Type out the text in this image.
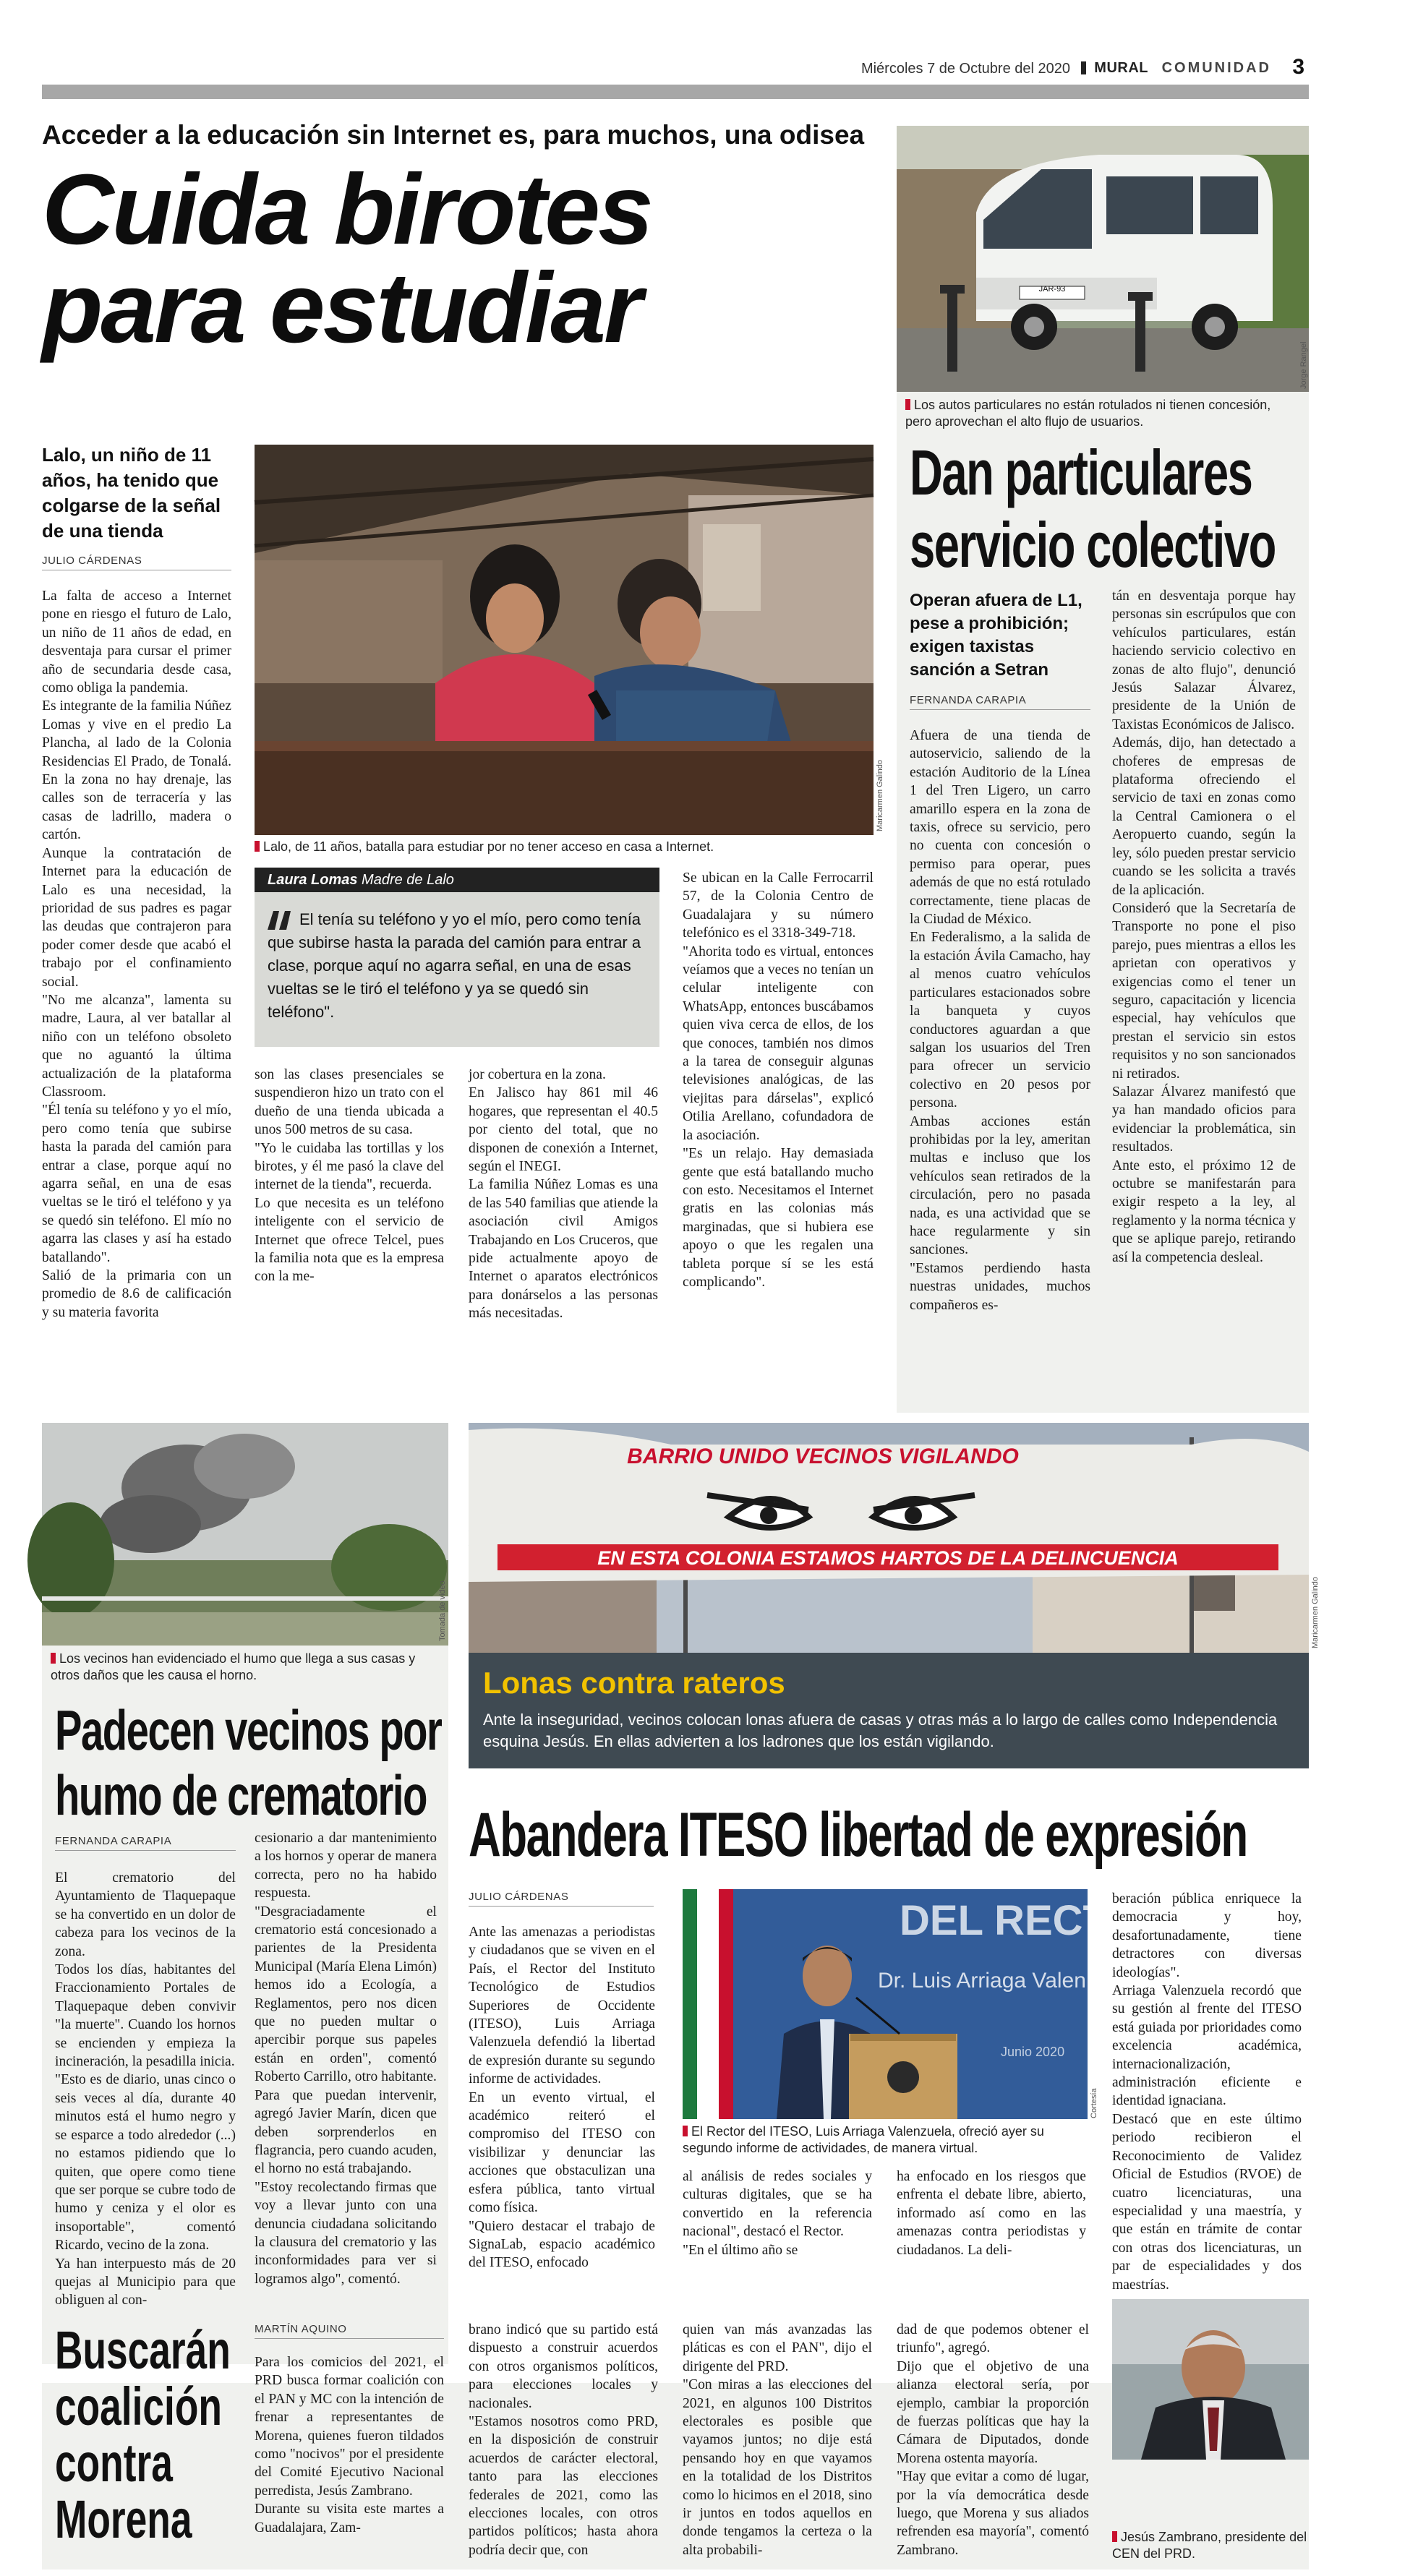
Miércoles 7 de Octubre del 2020 MURAL COMUNIDAD 3
Acceder a la educación sin Internet es, para muchos, una odisea
Cuida birotes
para estudiar
Lalo, un niño de 11 años, ha tenido que colgarse de la señal de una tienda
JULIO CÁRDENAS
Maricarmen Galindo
Lalo, de 11 años, batalla para estudiar por no tener acceso en casa a Internet.
Laura Lomas Madre de Lalo
El tenía su teléfono y yo el mío, pero como tenía que subirse hasta la parada del camión para entrar a clase, porque aquí no agarra señal, en una de esas vueltas se le tiró el teléfono y ya se quedó sin teléfono".
La falta de acceso a Internet pone en riesgo el futuro de Lalo, un niño de 11 años de edad, en desventaja para cursar el primer año de secundaria desde casa, como obliga la pandemia.
Es integrante de la familia Núñez Lomas y vive en el predio La Plancha, al lado de la Colonia Residencias El Prado, de Tonalá. En la zona no hay drenaje, las calles son de terracería y las casas de ladrillo, madera o cartón.
Aunque la contratación de Internet para la educación de Lalo es una necesidad, la prioridad de sus padres es pagar las deudas que contrajeron para poder comer desde que acabó el trabajo por el confinamiento social.
"No me alcanza", lamenta su madre, Laura, al ver batallar al niño con un teléfono obsoleto que no aguantó la última actualización de la plataforma Classroom.
"Él tenía su teléfono y yo el mío, pero como tenía que subirse hasta la parada del camión para entrar a clase, porque aquí no agarra señal, en una de esas vueltas se le tiró el teléfono y ya se quedó sin teléfono. El mío no agarra las clases y así ha estado batallando".
Salió de la primaria con un promedio de 8.6 de calificación y su materia favorita
son las clases presenciales se suspendieron hizo un trato con el dueño de una tienda ubicada a unos 500 metros de su casa.
"Yo le cuidaba las tortillas y los birotes, y él me pasó la clave del internet de la tienda", recuerda.
Lo que necesita es un teléfono inteligente con el servicio de Internet que ofrece Telcel, pues la familia nota que es la empresa con la me-
jor cobertura en la zona.
En Jalisco hay 861 mil 46 hogares, que representan el 40.5 por ciento del total, que no disponen de conexión a Internet, según el INEGI.
La familia Núñez Lomas es una de las 540 familias que atiende la asociación civil Amigos Trabajando en Los Cruceros, que pide actualmente apoyo de Internet o aparatos electrónicos para donárselos a las personas más necesitadas.
Se ubican en la Calle Ferrocarril 57, de la Colonia Centro de Guadalajara y su número telefónico es el 3318-349-718.
"Ahorita todo es virtual, entonces veíamos que a veces no tenían un celular inteligente con WhatsApp, entonces buscábamos quien viva cerca de ellos, de los que conoces, también nos dimos a la tarea de conseguir algunas televisiones analógicas, de las viejitas para dárselas", explicó Otilia Arellano, cofundadora de la asociación.
"Es un relajo. Hay demasiada gente que está batallando mucho con esto. Necesitamos el Internet gratis en las colonias más marginadas, que si hubiera ese apoyo o que les regalen una tableta porque sí se les está complicando".
JAR-93
Jorge Rangel
Los autos particulares no están rotulados ni tienen concesión, pero aprovechan el alto flujo de usuarios.
Dan particulares
servicio colectivo
Operan afuera de L1, pese a prohibición; exigen taxistas sanción a Setran
FERNANDA CARAPIA
Afuera de una tienda de autoservicio, saliendo de la estación Auditorio de la Línea 1 del Tren Ligero, un carro amarillo espera en la zona de taxis, ofrece su servicio, pero no cuenta con concesión o permiso para operar, pues además de que no está rotulado correctamente, tiene placas de la Ciudad de México.
En Federalismo, a la salida de la estación Ávila Camacho, hay al menos cuatro vehículos particulares estacionados sobre la banqueta y cuyos conductores aguardan a que salgan los usuarios del Tren para ofrecer un servicio colectivo en 20 pesos por persona.
Ambas acciones están prohibidas por la ley, ameritan multas e incluso que los vehículos sean retirados de la circulación, pero no pasada nada, es una actividad que se hace regularmente y sin sanciones.
"Estamos perdiendo hasta nuestras unidades, muchos compañeros es-
tán en desventaja porque hay personas sin escrúpulos que con vehículos particulares, están haciendo servicio colectivo en zonas de alto flujo", denunció Jesús Salazar Álvarez, presidente de la Unión de Taxistas Económicos de Jalisco.
Además, dijo, han detectado a choferes de empresas de plataforma ofreciendo el servicio de taxi en zonas como la Central Camionera o el Aeropuerto cuando, según la ley, sólo pueden prestar servicio cuando se les solicita a través de la aplicación.
Consideró que la Secretaría de Transporte no pone el piso parejo, pues mientras a ellos les aprietan con operativos y exigencias como el tener un seguro, capacitación y licencia especial, hay vehículos que prestan el servicio sin estos requisitos y no son sancionados ni retirados.
Salazar Álvarez manifestó que ya han mandado oficios para evidenciar la problemática, sin resultados.
Ante esto, el próximo 12 de octubre se manifestarán para exigir respeto a la ley, al reglamento y la norma técnica y que se aplique parejo, retirando así la competencia desleal.
Tomada de video
Los vecinos han evidenciado el humo que llega a sus casas y otros daños que les causa el horno.
Padecen vecinos por
humo de crematorio
FERNANDA CARAPIA
El crematorio del Ayuntamiento de Tlaquepaque se ha convertido en un dolor de cabeza para los vecinos de la zona.
Todos los días, habitantes del Fraccionamiento Portales de Tlaquepaque deben convivir "la muerte". Cuando los hornos se encienden y empieza la incineración, la pesadilla inicia.
"Esto es de diario, unas cinco o seis veces al día, durante 40 minutos está el humo negro y se esparce a todo alrededor (...) no estamos pidiendo que lo quiten, que opere como tiene que ser porque se cubre todo de humo y ceniza y el olor es insoportable", comentó Ricardo, vecino de la zona.
Ya han interpuesto más de 20 quejas al Municipio para que obliguen al con-
cesionario a dar mantenimiento a los hornos y operar de manera correcta, pero no ha habido respuesta.
"Desgraciadamente el crematorio está concesionado a parientes de la Presidenta Municipal (María Elena Limón) hemos ido a Ecología, a Reglamentos, pero nos dicen que no pueden multar o apercibir porque sus papeles están en orden", comentó Roberto Carrillo, otro habitante.
Para que puedan intervenir, agregó Javier Marín, dicen que deben sorprenderlos en flagrancia, pero cuando acuden, el horno no está trabajando.
"Estoy recolectando firmas que voy a llevar junto con una denuncia ciudadana solicitando la clausura del crematorio y las inconformidades para ver si logramos algo", comentó.
BARRIO UNIDO VECINOS VIGILANDO
EN ESTA COLONIA ESTAMOS HARTOS DE LA DELINCUENCIA
Maricarmen Galindo
Lonas contra rateros
Ante la inseguridad, vecinos colocan lonas afuera de casas y otras más a lo largo de calles como Independencia esquina Jesús. En ellas advierten a los ladrones que los están vigilando.
Abandera ITESO libertad de expresión
JULIO CÁRDENAS
DEL RECT
Dr. Luis Arriaga Valen
Junio 2020
Cortesía
El Rector del ITESO, Luis Arriaga Valenzuela, ofreció ayer su segundo informe de actividades, de manera virtual.
Ante las amenazas a periodistas y ciudadanos que se viven en el País, el Rector del Instituto Tecnológico de Estudios Superiores de Occidente (ITESO), Luis Arriaga Valenzuela defendió la libertad de expresión durante su segundo informe de actividades.
En un evento virtual, el académico reiteró el compromiso del ITESO con visibilizar y denunciar las acciones que obstaculizan una esfera pública, tanto virtual como física.
"Quiero destacar el trabajo de SignaLab, espacio académico del ITESO, enfocado
al análisis de redes sociales y culturas digitales, que se ha convertido en la referencia nacional", destacó el Rector.
"En el último año se
ha enfocado en los riesgos que enfrenta el debate libre, abierto, informado así como en las amenazas contra periodistas y ciudadanos. La deli-
beración pública enriquece la democracia y hoy, desafortunadamente, tiene detractores con diversas ideologías".
Arriaga Valenzuela recordó que su gestión al frente del ITESO está guiada por prioridades como excelencia académica, internacionalización, administración eficiente e identidad ignaciana.
Destacó que en este último periodo recibieron el Reconocimiento de Validez Oficial de Estudios (RVOE) de cuatro licenciaturas, una especialidad y una maestría, y que están en trámite de contar con otras dos licenciaturas, un par de especialidades y dos maestrías.
Buscarán
coalición
contra
Morena
MARTÍN AQUINO
Para los comicios del 2021, el PRD busca formar coalición con el PAN y MC con la intención de frenar a representantes de Morena, quienes fueron tildados como "nocivos" por el presidente del Comité Ejecutivo Nacional perredista, Jesús Zambrano.
Durante su visita este martes a Guadalajara, Zam-
brano indicó que su partido está dispuesto a construir acuerdos con otros organismos políticos, para elecciones locales y nacionales.
"Estamos nosotros como PRD, en la disposición de construir acuerdos de carácter electoral, tanto para las elecciones federales de 2021, como las elecciones locales, con otros partidos políticos; hasta ahora podría decir que, con
quien van más avanzadas las pláticas es con el PAN", dijo el dirigente del PRD.
"Con miras a las elecciones del 2021, en algunos 100 Distritos electorales es posible que vayamos juntos; no dije está pensando hoy en que vayamos en la totalidad de los Distritos como lo hicimos en el 2018, sino ir juntos en todos aquellos en donde tengamos la certeza o la alta probabili-
dad de que podemos obtener el triunfo", agregó.
Dijo que el objetivo de una alianza electoral sería, por ejemplo, cambiar la proporción de fuerzas políticas que hay la Cámara de Diputados, donde Morena ostenta mayoría.
"Hay que evitar a como dé lugar, por la vía democrática desde luego, que Morena y sus aliados refrenden esa mayoría", comentó Zambrano.
Jesús Zambrano, presidente del CEN del PRD.
